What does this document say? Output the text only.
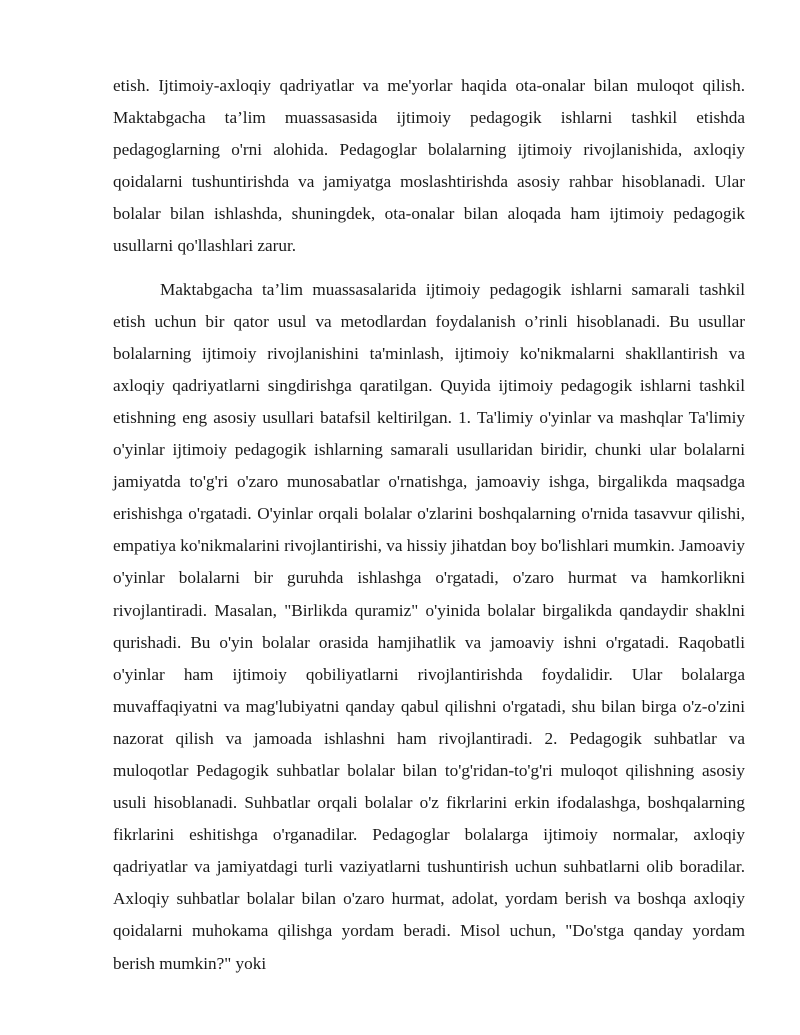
etish. Ijtimoiy-axloqiy qadriyatlar va me'yorlar haqida ota-onalar bilan muloqot qilish. Maktabgacha ta’lim muassasasida ijtimoiy pedagogik ishlarni tashkil etishda pedagoglarning o'rni alohida. Pedagoglar bolalarning ijtimoiy rivojlanishida, axloqiy qoidalarni tushuntirishda va jamiyatga moslashtirishda asosiy rahbar hisoblanadi. Ular bolalar bilan ishlashda, shuningdek, ota-onalar bilan aloqada ham ijtimoiy pedagogik usullarni qo'llashlari zarur.

Maktabgacha ta’lim muassasalarida ijtimoiy pedagogik ishlarni samarali tashkil etish uchun bir qator usul va metodlardan foydalanish o’rinli hisoblanadi. Bu usullar bolalarning ijtimoiy rivojlanishini ta'minlash, ijtimoiy ko'nikmalarni shakllantirish va axloqiy qadriyatlarni singdirishga qaratilgan. Quyida ijtimoiy pedagogik ishlarni tashkil etishning eng asosiy usullari batafsil keltirilgan. 1. Ta'limiy o'yinlar va mashqlar Ta'limiy o'yinlar ijtimoiy pedagogik ishlarning samarali usullaridan biridir, chunki ular bolalarni jamiyatda to'g'ri o'zaro munosabatlar o'rnatishga, jamoaviy ishga, birgalikda maqsadga erishishga o'rgatadi. O'yinlar orqali bolalar o'zlarini boshqalarning o'rnida tasavvur qilishi, empatiya ko'nikmalarini rivojlantirishi, va hissiy jihatdan boy bo'lishlari mumkin. Jamoaviy o'yinlar bolalarni bir guruhda ishlashga o'rgatadi, o'zaro hurmat va hamkorlikni rivojlantiradi. Masalan, "Birlikda quramiz" o'yinida bolalar birgalikda qandaydir shaklni qurishadi. Bu o'yin bolalar orasida hamjihatlik va jamoaviy ishni o'rgatadi. Raqobatli o'yinlar ham ijtimoiy qobiliyatlarni rivojlantirishda foydalidir. Ular bolalarga muvaffaqiyatni va mag'lubiyatni qanday qabul qilishni o'rgatadi, shu bilan birga o'z-o'zini nazorat qilish va jamoada ishlashni ham rivojlantiradi. 2. Pedagogik suhbatlar va muloqotlar Pedagogik suhbatlar bolalar bilan to'g'ridan-to'g'ri muloqot qilishning asosiy usuli hisoblanadi. Suhbatlar orqali bolalar o'z fikrlarini erkin ifodalashga, boshqalarning fikrlarini eshitishga o'rganadilar. Pedagoglar bolalarga ijtimoiy normalar, axloqiy qadriyatlar va jamiyatdagi turli vaziyatlarni tushuntirish uchun suhbatlarni olib boradilar. Axloqiy suhbatlar bolalar bilan o'zaro hurmat, adolat, yordam berish va boshqa axloqiy qoidalarni muhokama qilishga yordam beradi. Misol uchun, "Do'stga qanday yordam berish mumkin?" yoki
